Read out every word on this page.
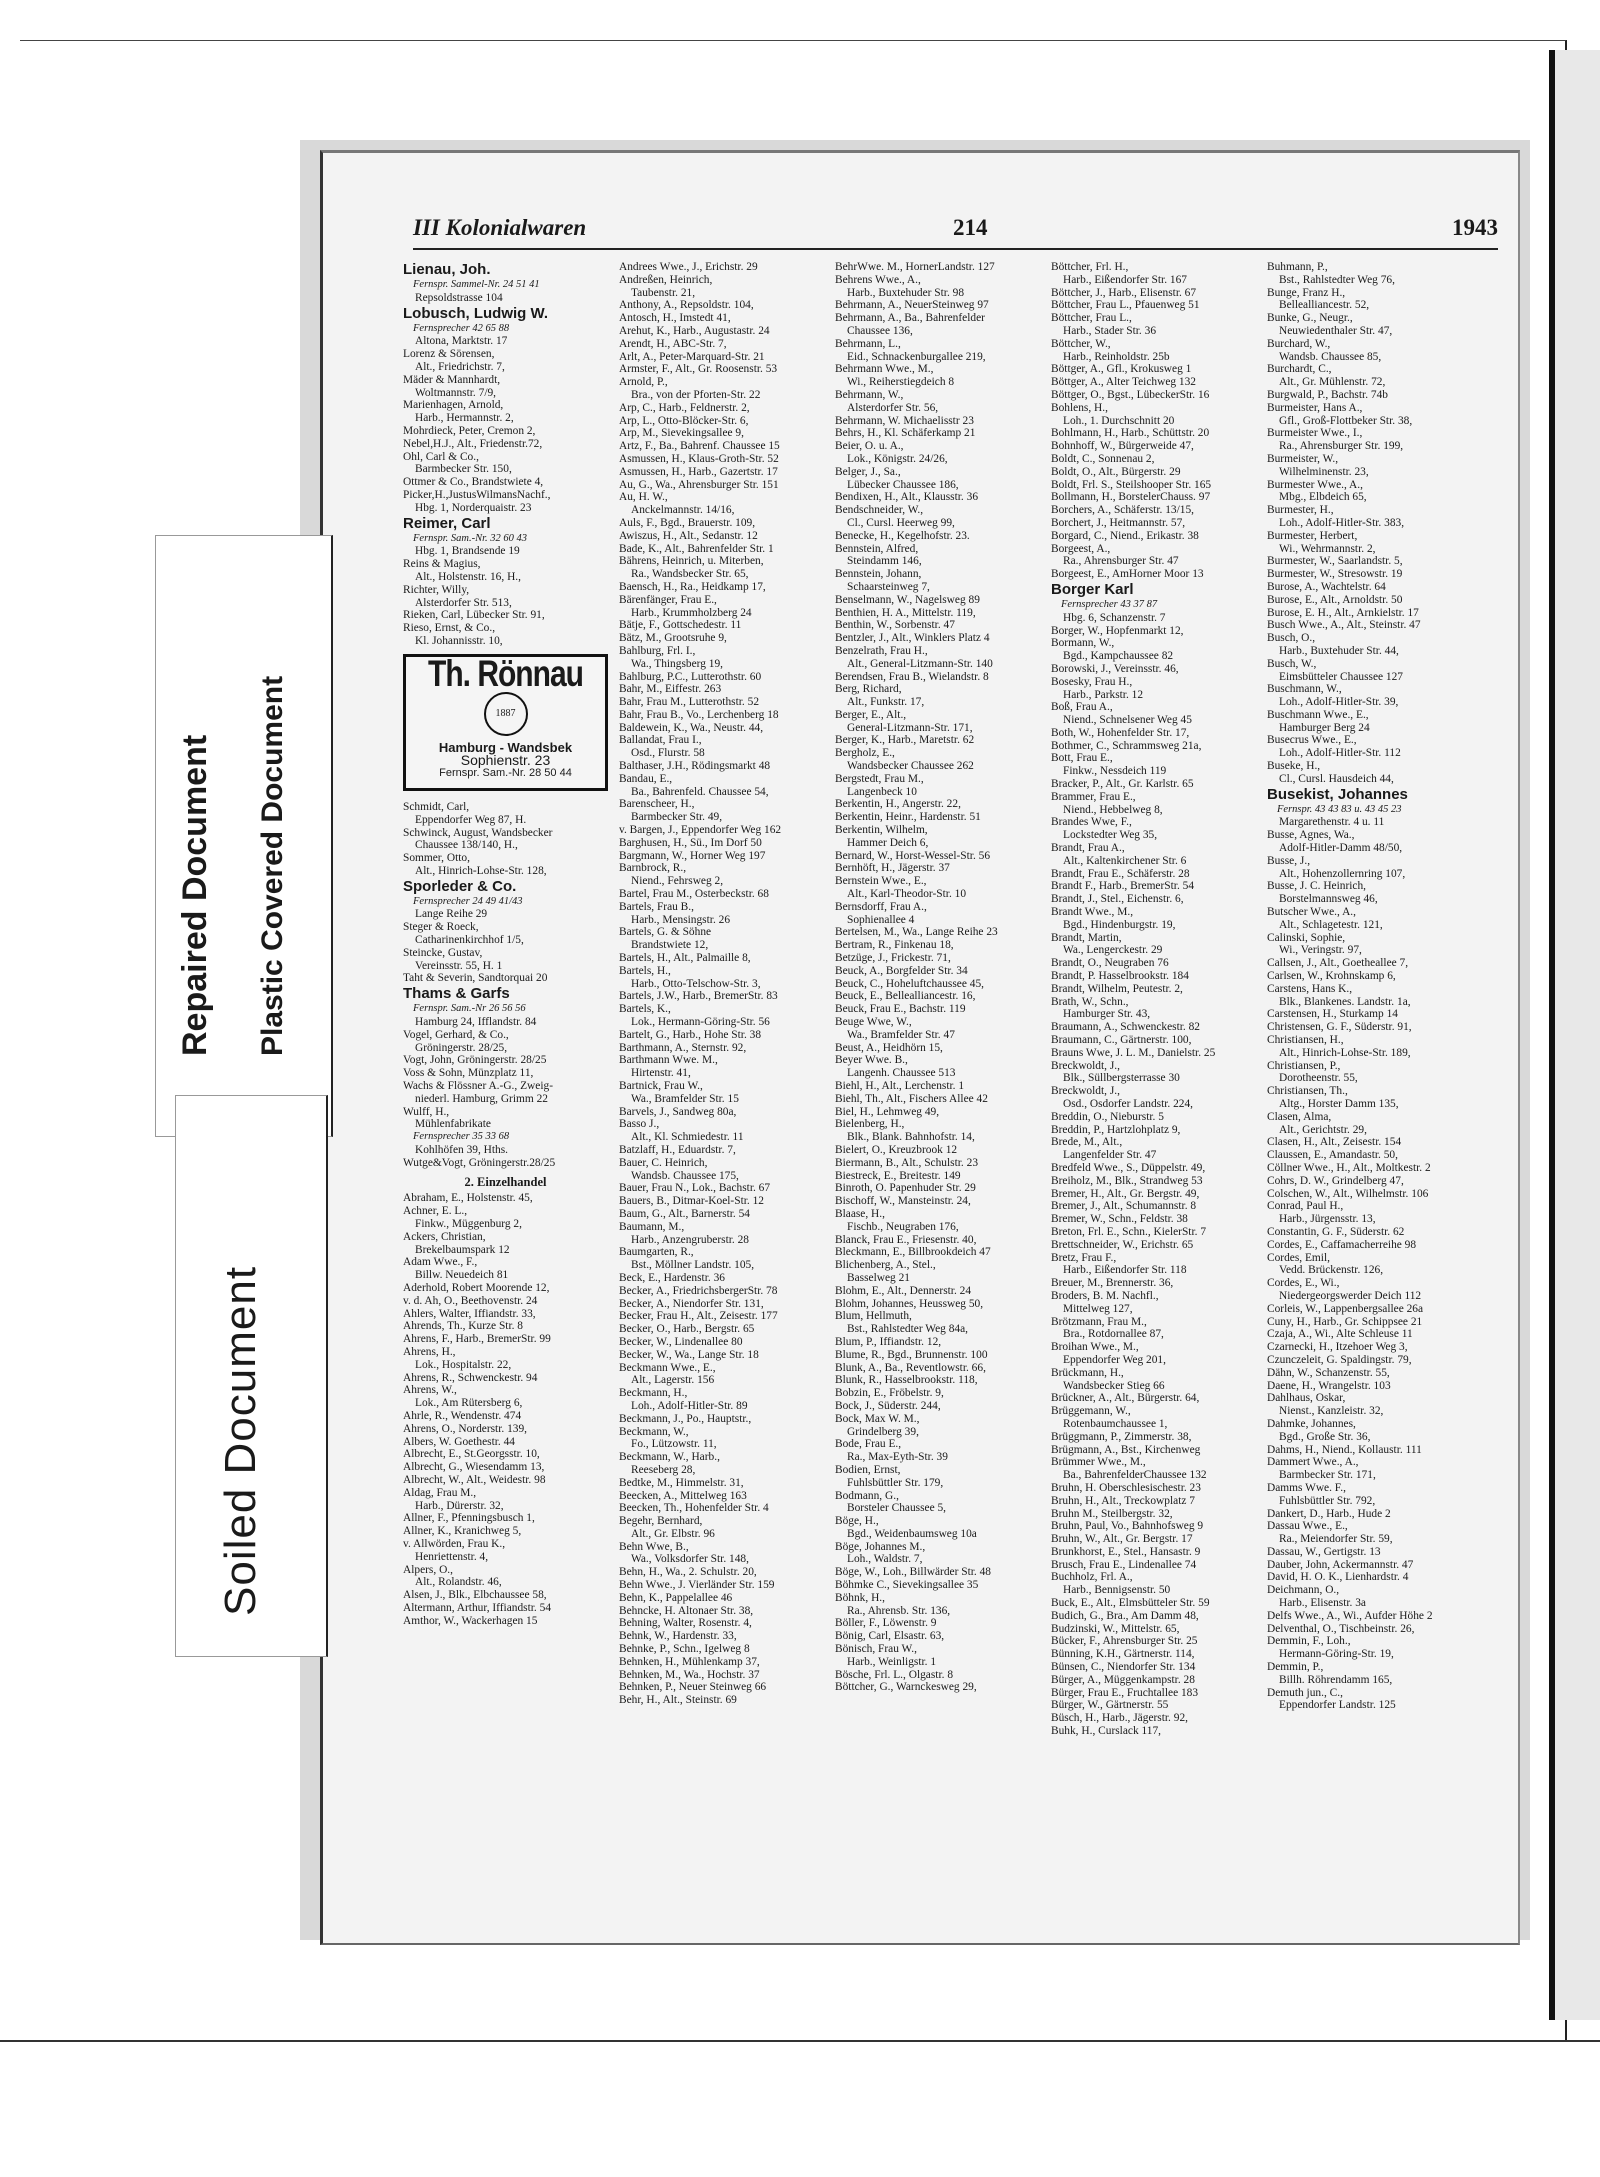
III Kolonialwaren	214	1943
Lienau, Joh.
Fernspr. Sammel-Nr. 24 51 41
Repsoldstrasse 104
Lobusch, Ludwig W.
Fernsprecher 42 65 88
Altona, Marktstr. 17
Lorenz & Sörensen,
Alt., Friedrichstr. 7,
Mäder & Mannhardt,
Woltmannstr. 7/9,
Marienhagen, Arnold,
Harb., Hermannstr. 2,
Mohrdieck, Peter, Cremon 2,
Nebel,H.J., Alt., Friedenstr.72,
Ohl, Carl & Co.,
Barmbecker Str. 150,
Ottmer & Co., Brandstwiete 4,
Picker,H.,JustusWilmansNachf.,
Hbg. 1, Norderquaistr. 23
Reimer, Carl
Fernspr. Sam.-Nr. 32 60 43
Hbg. 1, Brandsende 19
Reins & Magius,
Alt., Holstenstr. 16, H.,
Richter, Willy,
Alsterdorfer Str. 513,
Rieken, Carl, Lübecker Str. 91,
Rieso, Ernst, & Co.,
Kl. Johannisstr. 10,
Th. Rönnau
1887
Hamburg - Wandsbek
Sophienstr. 23
Fernspr. Sam.-Nr. 28 50 44
Schmidt, Carl,
Eppendorfer Weg 87, H.
Schwinck, August, Wandsbecker
Chaussee 138/140, H.,
Sommer, Otto,
Alt., Hinrich-Lohse-Str. 128,
Sporleder & Co.
Fernsprecher 24 49 41/43
Lange Reihe 29
Steger & Roeck,
Catharinenkirchhof 1/5,
Steincke, Gustav,
Vereinsstr. 55, H. 1
Taht & Severin, Sandtorquai 20
Thams & Garfs
Fernspr. Sam.-Nr 26 56 56
Hamburg 24, Ifflandstr. 84
Vogel, Gerhard, & Co.,
Gröningerstr. 28/25,
Vogt, John, Gröningerstr. 28/25
Voss & Sohn, Münzplatz 11,
Wachs & Flössner A.-G., Zweig-
niederl. Hamburg, Grimm 22
Wulff, H.,
Mühlenfabrikate
Fernsprecher 35 33 68
Kohlhöfen 39, Hths.
Wutge&Vogt, Gröningerstr.28/25
2. Einzelhandel
Abraham, E., Holstenstr. 45,
Achner, E. L.,
Finkw., Müggenburg 2,
Ackers, Christian,
Brekelbaumspark 12
Adam Wwe., F.,
Billw. Neuedeich 81
Aderhold, Robert Moorende 12,
v. d. Ah, O., Beethovenstr. 24
Ahlers, Walter, Iffiandstr. 33,
Ahrends, Th., Kurze Str. 8
Ahrens, F., Harb., BremerStr. 99
Ahrens, H.,
Lok., Hospitalstr. 22,
Ahrens, R., Schwenckestr. 94
Ahrens, W.,
Lok., Am Rütersberg 6,
Ahrle, R., Wendenstr. 474
Ahrens, O., Norderstr. 139,
Albers, W. Goethestr. 44
Albrecht, E., St.Georgsstr. 10,
Albrecht, G., Wiesendamm 13,
Albrecht, W., Alt., Weidestr. 98
Aldag, Frau M.,
Harb., Dürerstr. 32,
Allner, F., Pfenningsbusch 1,
Allner, K., Kranichweg 5,
v. Allwörden, Frau K.,
Henriettenstr. 4,
Alpers, O.,
Alt., Rolandstr. 46,
Alsen, J., Blk., Elbchaussee 58,
Altermann, Arthur, Iffiandstr. 54
Amthor, W., Wackerhagen 15
Andrees Wwe., J., Erichstr. 29
Andreßen, Heinrich,
Taubenstr. 21,
Anthony, A., Repsoldstr. 104,
Antosch, H., Imstedt 41,
Arehut, K., Harb., Augustastr. 24
Arendt, H., ABC-Str. 7,
Arlt, A., Peter-Marquard-Str. 21
Armster, F., Alt., Gr. Roosenstr. 53
Arnold, P.,
Bra., von der Pforten-Str. 22
Arp, C., Harb., Feldnerstr. 2,
Arp, L., Otto-Blöcker-Str. 6,
Arp, M., Sievekingsallee 9,
Artz, F., Ba., Bahrenf. Chaussee 15
Asmussen, H., Klaus-Groth-Str. 52
Asmussen, H., Harb., Gazertstr. 17
Au, G., Wa., Ahrensburger Str. 151
Au, H. W.,
Anckelmannstr. 14/16,
Auls, F., Bgd., Brauerstr. 109,
Awiszus, H., Alt., Sedanstr. 12
Bade, K., Alt., Bahrenfelder Str. 1
Bährens, Heinrich, u. Miterben,
Ra., Wandsbecker Str. 65,
Baensch, H., Ra., Heidkamp 17,
Bärenfänger, Frau E.,
Harb., Krummholzberg 24
Bätje, F., Gottschedestr. 11
Bätz, M., Grootsruhe 9,
Bahlburg, Frl. I.,
Wa., Thingsberg 19,
Bahlburg, P.C., Lutterothstr. 60
Bahr, M., Eiffestr. 263
Bahr, Frau M., Lutterothstr. 52
Bahr, Frau B., Vo., Lerchenberg 18
Baldewein, K., Wa., Neustr. 44,
Ballandat, Frau I.,
Osd., Flurstr. 58
Balthaser, J.H., Rödingsmarkt 48
Bandau, E.,
Ba., Bahrenfeld. Chaussee 54,
Barenscheer, H.,
Barmbecker Str. 49,
v. Bargen, J., Eppendorfer Weg 162
Barghusen, H., Sü., Im Dorf 50
Bargmann, W., Horner Weg 197
Barnbrock, R.,
Niend., Fehrsweg 2,
Bartel, Frau M., Osterbeckstr. 68
Bartels, Frau B.,
Harb., Mensingstr. 26
Bartels, G. & Söhne
Brandstwiete 12,
Bartels, H., Alt., Palmaille 8,
Bartels, H.,
Harb., Otto-Telschow-Str. 3,
Bartels, J.W., Harb., BremerStr. 83
Bartels, K.,
Lok., Hermann-Göring-Str. 56
Bartelt, G., Harb., Hohe Str. 38
Barthmann, A., Sternstr. 92,
Barthmann Wwe. M.,
Hirtenstr. 41,
Bartnick, Frau W.,
Wa., Bramfelder Str. 15
Barvels, J., Sandweg 80a,
Basso J.,
Alt., Kl. Schmiedestr. 11
Batzlaff, H., Eduardstr. 7,
Bauer, C. Heinrich,
Wandsb. Chaussee 175,
Bauer, Frau N., Lok., Bachstr. 67
Bauers, B., Ditmar-Koel-Str. 12
Baum, G., Alt., Barnerstr. 54
Baumann, M.,
Harb., Anzengruberstr. 28
Baumgarten, R.,
Bst., Möllner Landstr. 105,
Beck, E., Hardenstr. 36
Becker, A., FriedrichsbergerStr. 78
Becker, A., Niendorfer Str. 131,
Becker, Frau H., Alt., Zeisestr. 177
Becker, O., Harb., Bergstr. 65
Becker, W., Lindenallee 80
Becker, W., Wa., Lange Str. 18
Beckmann Wwe., E.,
Alt., Lagerstr. 156
Beckmann, H.,
Loh., Adolf-Hitler-Str. 89
Beckmann, J., Po., Hauptstr.,
Beckmann, W.,
Fo., Lützowstr. 11,
Beckmann, W., Harb.,
Reeseberg 28,
Bedtke, M., Himmelstr. 31,
Beecken, A., Mittelweg 163
Beecken, Th., Hohenfelder Str. 4
Begehr, Bernhard,
Alt., Gr. Elbstr. 96
Behn Wwe, B.,
Wa., Volksdorfer Str. 148,
Behn, H., Wa., 2. Schulstr. 20,
Behn Wwe., J. Vierländer Str. 159
Behn, K., Pappelallee 46
Behncke, H. Altonaer Str. 38,
Behning, Walter, Rosenstr. 4,
Behnk, W., Hardenstr. 33,
Behnke, P., Schn., Igelweg 8
Behnken, H., Mühlenkamp 37,
Behnken, M., Wa., Hochstr. 37
Behnken, P., Neuer Steinweg 66
Behr, H., Alt., Steinstr. 69
BehrWwe. M., HornerLandstr. 127
Behrens Wwe., A.,
Harb., Buxtehuder Str. 98
Behrmann, A., NeuerSteinweg 97
Behrmann, A., Ba., Bahrenfelder
Chaussee 136,
Behrmann, L.,
Eid., Schnackenburgallee 219,
Behrmann Wwe., M.,
Wi., Reiherstiegdeich 8
Behrmann, W.,
Alsterdorfer Str. 56,
Behrmann, W. Michaelisstr 23
Behrs, H., Kl. Schäferkamp 21
Beier, O. u. A.,
Lok., Königstr. 24/26,
Belger, J., Sa.,
Lübecker Chaussee 186,
Bendixen, H., Alt., Klausstr. 36
Bendschneider, W.,
Cl., Cursl. Heerweg 99,
Benecke, H., Kegelhofstr. 23.
Bennstein, Alfred,
Steindamm 146,
Bennstein, Johann,
Schaarsteinweg 7,
Benselmann, W., Nagelsweg 89
Benthien, H. A., Mittelstr. 119,
Benthin, W., Sorbenstr. 47
Bentzler, J., Alt., Winklers Platz 4
Benzelrath, Frau H.,
Alt., General-Litzmann-Str. 140
Berendsen, Frau B., Wielandstr. 8
Berg, Richard,
Alt., Funkstr. 17,
Berger, E., Alt.,
General-Litzmann-Str. 171,
Berger, K., Harb., Maretstr. 62
Bergholz, E.,
Wandsbecker Chaussee 262
Bergstedt, Frau M.,
Langenbeck 10
Berkentin, H., Angerstr. 22,
Berkentin, Heinr., Hardenstr. 51
Berkentin, Wilhelm,
Hammer Deich 6,
Bernard, W., Horst-Wessel-Str. 56
Bernhöft, H., Jägerstr. 37
Bernstein Wwe., E.,
Alt., Karl-Theodor-Str. 10
Bernsdorff, Frau A.,
Sophienallee 4
Bertelsen, M., Wa., Lange Reihe 23
Bertram, R., Finkenau 18,
Betzüge, J., Frickestr. 71,
Beuck, A., Borgfelder Str. 34
Beuck, C., Hoheluftchaussee 45,
Beuck, E., Bellealliancestr. 16,
Beuck, Frau E., Bachstr. 119
Beuge Wwe, W.,
Wa., Bramfelder Str. 47
Beust, A., Heidhörn 15,
Beyer Wwe. B.,
Langenh. Chaussee 513
Biehl, H., Alt., Lerchenstr. 1
Biehl, Th., Alt., Fischers Allee 42
Biel, H., Lehmweg 49,
Bielenberg, H.,
Blk., Blank. Bahnhofstr. 14,
Bielert, O., Kreuzbrook 12
Biermann, B., Alt., Schulstr. 23
Biestreck, E., Breitestr. 149
Binroth, O. Papenhuder Str. 29
Bischoff, W., Mansteinstr. 24,
Blaase, H.,
Fischb., Neugraben 176,
Blanck, Frau E., Friesenstr. 40,
Bleckmann, E., Billbrookdeich 47
Blichenberg, A., Stel.,
Basselweg 21
Blohm, E., Alt., Dennerstr. 24
Blohm, Johannes, Heussweg 50,
Blum, Hellmuth,
Bst., Rahlstedter Weg 84a,
Blum, P., Iffiandstr. 12,
Blume, R., Bgd., Brunnenstr. 100
Blunk, A., Ba., Reventlowstr. 66,
Blunk, R., Hasselbrookstr. 118,
Bobzin, E., Fröbelstr. 9,
Bock, J., Süderstr. 244,
Bock, Max W. M.,
Grindelberg 39,
Bode, Frau E.,
Ra., Max-Eyth-Str. 39
Bodien, Ernst,
Fuhlsbüttler Str. 179,
Bodmann, G.,
Borsteler Chaussee 5,
Böge, H.,
Bgd., Weidenbaumsweg 10a
Böge, Johannes M.,
Loh., Waldstr. 7,
Böge, W., Loh., Billwärder Str. 48
Böhmke C., Sievekingsallee 35
Böhnk, H.,
Ra., Ahrensb. Str. 136,
Böller, F., Löwenstr. 9
Bönig, Carl, Elsastr. 63,
Bönisch, Frau W.,
Harb., Weinligstr. 1
Bösche, Frl. L., Olgastr. 8
Böttcher, G., Warnckesweg 29,
Böttcher, Frl. H.,
Harb., Eißendorfer Str. 167
Böttcher, J., Harb., Elisenstr. 67
Böttcher, Frau L., Pfauenweg 51
Böttcher, Frau L.,
Harb., Stader Str. 36
Böttcher, W.,
Harb., Reinholdstr. 25b
Böttger, A., Gfl., Krokusweg 1
Böttger, A., Alter Teichweg 132
Böttger, O., Bgst., LübeckerStr. 16
Bohlens, H.,
Loh., 1. Durchschnitt 20
Bohlmann, H., Harb., Schüttstr. 20
Bohnhoff, W., Bürgerweide 47,
Boldt, C., Sonnenau 2,
Boldt, O., Alt., Bürgerstr. 29
Boldt, Frl. S., Steilshooper Str. 165
Bollmann, H., BorstelerChauss. 97
Borchers, A., Schäferstr. 13/15,
Borchert, J., Heitmannstr. 57,
Borgard, C., Niend., Erikastr. 38
Borgeest, A.,
Ra., Ahrensburger Str. 47
Borgeest, E., AmHorner Moor 13
Borger Karl
Fernsprecher 43 37 87
Hbg. 6, Schanzenstr. 7
Borger, W., Hopfenmarkt 12,
Bormann, W.,
Bgd., Kampchaussee 82
Borowski, J., Vereinsstr. 46,
Bosesky, Frau H.,
Harb., Parkstr. 12
Boß, Frau A.,
Niend., Schnelsener Weg 45
Both, W., Hohenfelder Str. 17,
Bothmer, C., Schrammsweg 21a,
Bott, Frau E.,
Finkw., Nessdeich 119
Bracker, P., Alt., Gr. Karlstr. 65
Brammer, Frau E.,
Niend., Hebbelweg 8,
Brandes Wwe, F.,
Lockstedter Weg 35,
Brandt, Frau A.,
Alt., Kaltenkirchener Str. 6
Brandt, Frau E., Schäferstr. 28
Brandt F., Harb., BremerStr. 54
Brandt, J., Stel., Eichenstr. 6,
Brandt Wwe., M.,
Bgd., Hindenburgstr. 19,
Brandt, Martin,
Wa., Lengerckestr. 29
Brandt, O., Neugraben 76
Brandt, P. Hasselbrookstr. 184
Brandt, Wilhelm, Peutestr. 2,
Brath, W., Schn.,
Hamburger Str. 43,
Braumann, A., Schwenckestr. 82
Braumann, C., Gärtnerstr. 100,
Brauns Wwe, J. L. M., Danielstr. 25
Breckwoldt, J.,
Blk., Süllbergsterrasse 30
Breckwoldt, J.,
Osd., Osdorfer Landstr. 224,
Breddin, O., Nieburstr. 5
Breddin, P., Hartzlohplatz 9,
Brede, M., Alt.,
Langenfelder Str. 47
Bredfeld Wwe., S., Düppelstr. 49,
Breiholz, M., Blk., Strandweg 53
Bremer, H., Alt., Gr. Bergstr. 49,
Bremer, J., Alt., Schumannstr. 8
Bremer, W., Schn., Feldstr. 38
Breton, Frl. E., Schn., KielerStr. 7
Brettschneider, W., Erichstr. 65
Bretz, Frau F.,
Harb., Eißendorfer Str. 118
Breuer, M., Brennerstr. 36,
Broders, B. M. Nachfl.,
Mittelweg 127,
Brötzmann, Frau M.,
Bra., Rotdornallee 87,
Broihan Wwe., M.,
Eppendorfer Weg 201,
Brückmann, H.,
Wandsbecker Stieg 66
Brückner, A., Alt., Bürgerstr. 64,
Brüggemann, W.,
Rotenbaumchaussee 1,
Brüggmann, P., Zimmerstr. 38,
Brügmann, A., Bst., Kirchenweg
Brümmer Wwe., M.,
Ba., BahrenfelderChaussee 132
Bruhn, H. Oberschlesischestr. 23
Bruhn, H., Alt., Treckowplatz 7
Bruhn M., Steilbergstr. 32,
Bruhn, Paul, Vo., Bahnhofsweg 9
Bruhn, W., Alt., Gr. Bergstr. 17
Brunkhorst, E., Stel., Hansastr. 9
Brusch, Frau E., Lindenallee 74
Buchholz, Frl. A.,
Harb., Bennigsenstr. 50
Buck, E., Alt., Elmsbütteler Str. 59
Budich, G., Bra., Am Damm 48,
Budzinski, W., Mittelstr. 65,
Bücker, F., Ahrensburger Str. 25
Bünning, K.H., Gärtnerstr. 114,
Bünsen, C., Niendorfer Str. 134
Bürger, A., Müggenkampstr. 28
Bürger, Frau E., Fruchtallee 183
Bürger, W., Gärtnerstr. 55
Büsch, H., Harb., Jägerstr. 92,
Buhk, H., Curslack 117,
Buhmann, P.,
Bst., Rahlstedter Weg 76,
Bunge, Franz H.,
Bellealliancestr. 52,
Bunke, G., Neugr.,
Neuwiedenthaler Str. 47,
Burchard, W.,
Wandsb. Chaussee 85,
Burchardt, C.,
Alt., Gr. Mühlenstr. 72,
Burgwald, P., Bachstr. 74b
Burmeister, Hans A.,
Gfl., Groß-Flottbeker Str. 38,
Burmeister Wwe., I.,
Ra., Ahrensburger Str. 199,
Burmeister, W.,
Wilhelminenstr. 23,
Burmester Wwe., A.,
Mbg., Elbdeich 65,
Burmester, H.,
Loh., Adolf-Hitler-Str. 383,
Burmester, Herbert,
Wi., Wehrmannstr. 2,
Burmester, W., Saarlandstr. 5,
Burmester, W., Stresowstr. 19
Burose, A., Wachtelstr. 64
Burose, E., Alt., Arnoldstr. 50
Burose, E. H., Alt., Arnkielstr. 17
Busch Wwe., A., Alt., Steinstr. 47
Busch, O.,
Harb., Buxtehuder Str. 44,
Busch, W.,
Eimsbütteler Chaussee 127
Buschmann, W.,
Loh., Adolf-Hitler-Str. 39,
Buschmann Wwe., E.,
Hamburger Berg 24
Busecrus Wwe., E.,
Loh., Adolf-Hitler-Str. 112
Buseke, H.,
Cl., Cursl. Hausdeich 44,
Busekist, Johannes
Fernspr. 43 43 83 u. 43 45 23
Margarethenstr. 4 u. 11
Busse, Agnes, Wa.,
Adolf-Hitler-Damm 48/50,
Busse, J.,
Alt., Hohenzollernring 107,
Busse, J. C. Heinrich,
Borstelmannsweg 46,
Butscher Wwe., A.,
Alt., Schlagetestr. 121,
Calinski, Sophie,
Wi., Veringstr. 97,
Callsen, J., Alt., Goetheallee 7,
Carlsen, W., Krohnskamp 6,
Carstens, Hans K.,
Blk., Blankenes. Landstr. 1a,
Carstensen, H., Sturkamp 14
Christensen, G. F., Süderstr. 91,
Christiansen, H.,
Alt., Hinrich-Lohse-Str. 189,
Christiansen, P.,
Dorotheenstr. 55,
Christiansen, Th.,
Altg., Horster Damm 135,
Clasen, Alma,
Alt., Gerichtstr. 29,
Clasen, H., Alt., Zeisestr. 154
Claussen, E., Amandastr. 50,
Cöllner Wwe., H., Alt., Moltkestr. 2
Cohrs, D. W., Grindelberg 47,
Colschen, W., Alt., Wilhelmstr. 106
Conrad, Paul H.,
Harb., Jürgensstr. 13,
Constantin, G. F., Süderstr. 62
Cordes, E., Caffamacherreihe 98
Cordes, Emil,
Vedd. Brückenstr. 126,
Cordes, E., Wi.,
Niedergeorgswerder Deich 112
Corleis, W., Lappenbergsallee 26a
Cuny, H., Harb., Gr. Schippsee 21
Czaja, A., Wi., Alte Schleuse 11
Czarnecki, H., Itzehoer Weg 3,
Czunczeleit, G. Spaldingstr. 79,
Dähn, W., Schanzenstr. 55,
Daene, H., Wrangelstr. 103
Dahlhaus, Oskar,
Nienst., Kanzleistr. 32,
Dahmke, Johannes,
Bgd., Große Str. 36,
Dahms, H., Niend., Kollaustr. 111
Dammert Wwe., A.,
Barmbecker Str. 171,
Damms Wwe. F.,
Fuhlsbüttler Str. 792,
Dankert, D., Harb., Hude 2
Dassau Wwe., E.,
Ra., Meiendorfer Str. 59,
Dassau, W., Gertigstr. 13
Dauber, John, Ackermannstr. 47
David, H. O. K., Lienhardstr. 4
Deichmann, O.,
Harb., Elisenstr. 3a
Delfs Wwe., A., Wi., Aufder Höhe 2
Delventhal, O., Tischbeinstr. 26,
Demmin, F., Loh.,
Hermann-Göring-Str. 19,
Demmin, P.,
Billh. Röhrendamm 165,
Demuth jun., C.,
Eppendorfer Landstr. 125
Repaired Document Plastic Covered Document
Soiled Document
